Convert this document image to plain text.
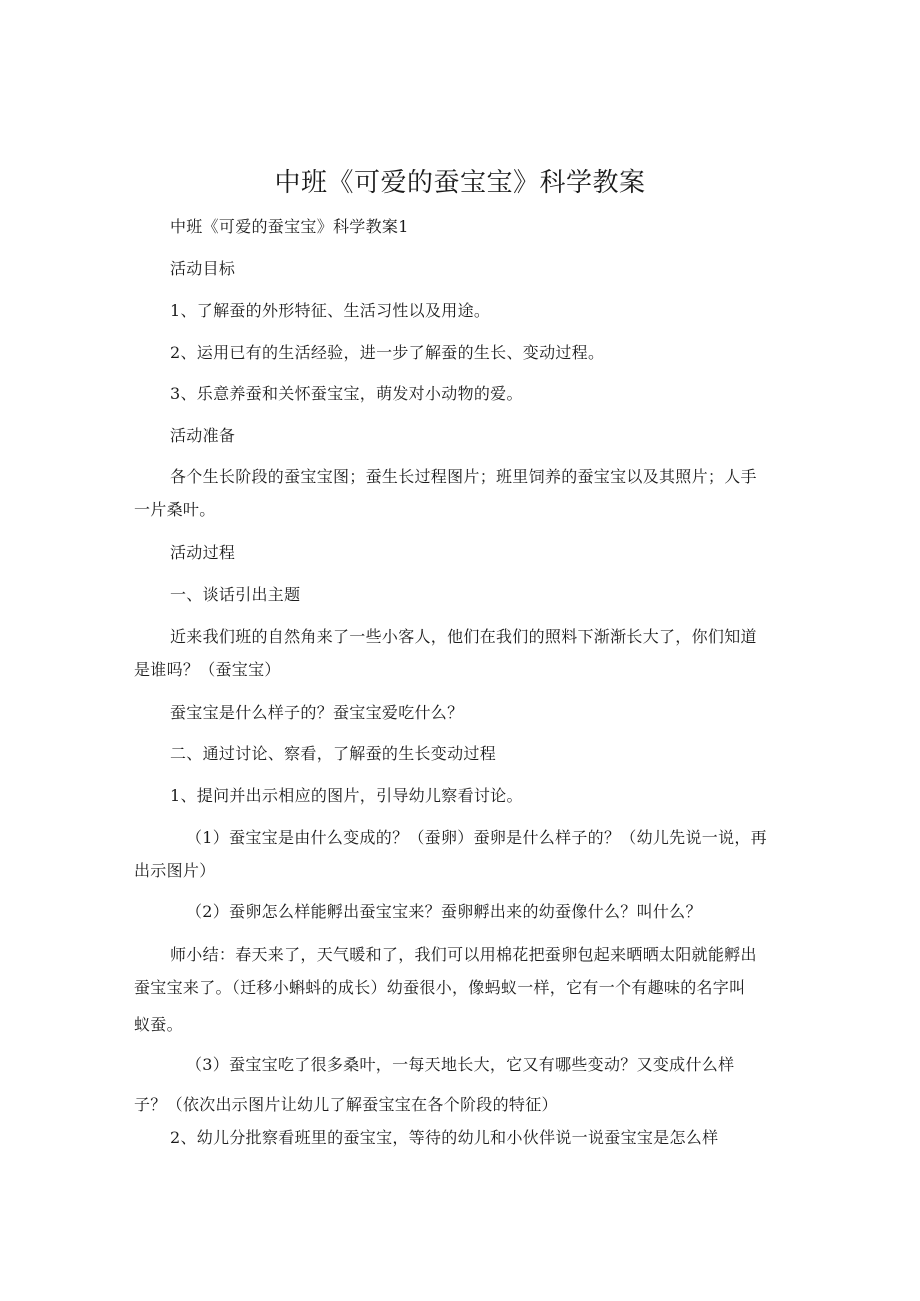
中班《可爱的蚕宝宝》科学教案

中班《可爱的蚕宝宝》科学教案1

活动目标

1、了解蚕的外形特征、生活习性以及用途。

2、运用已有的生活经验，进一步了解蚕的生长、变动过程。

3、乐意养蚕和关怀蚕宝宝，萌发对小动物的爱。

活动准备

各个生长阶段的蚕宝宝图；蚕生长过程图片；班里饲养的蚕宝宝以及其照片；人手

一片桑叶。

活动过程

一、谈话引出主题

近来我们班的自然角来了一些小客人，他们在我们的照料下渐渐长大了，你们知道

是谁吗？（蚕宝宝）

蚕宝宝是什么样子的？蚕宝宝爱吃什么？

二、通过讨论、察看，了解蚕的生长变动过程

1、提问并出示相应的图片，引导幼儿察看讨论。

（1）蚕宝宝是由什么变成的？（蚕卵）蚕卵是什么样子的？（幼儿先说一说，再

出示图片）

（2）蚕卵怎么样能孵出蚕宝宝来？蚕卵孵出来的幼蚕像什么？叫什么？

师小结：春天来了，天气暖和了，我们可以用棉花把蚕卵包起来晒晒太阳就能孵出

蚕宝宝来了。（迁移小蝌蚪的成长）幼蚕很小，像蚂蚁一样，它有一个有趣味的名字叫

蚁蚕。

（3）蚕宝宝吃了很多桑叶，一每天地长大，它又有哪些变动？又变成什么样

子？（依次出示图片让幼儿了解蚕宝宝在各个阶段的特征）

2、幼儿分批察看班里的蚕宝宝，等待的幼儿和小伙伴说一说蚕宝宝是怎么样
